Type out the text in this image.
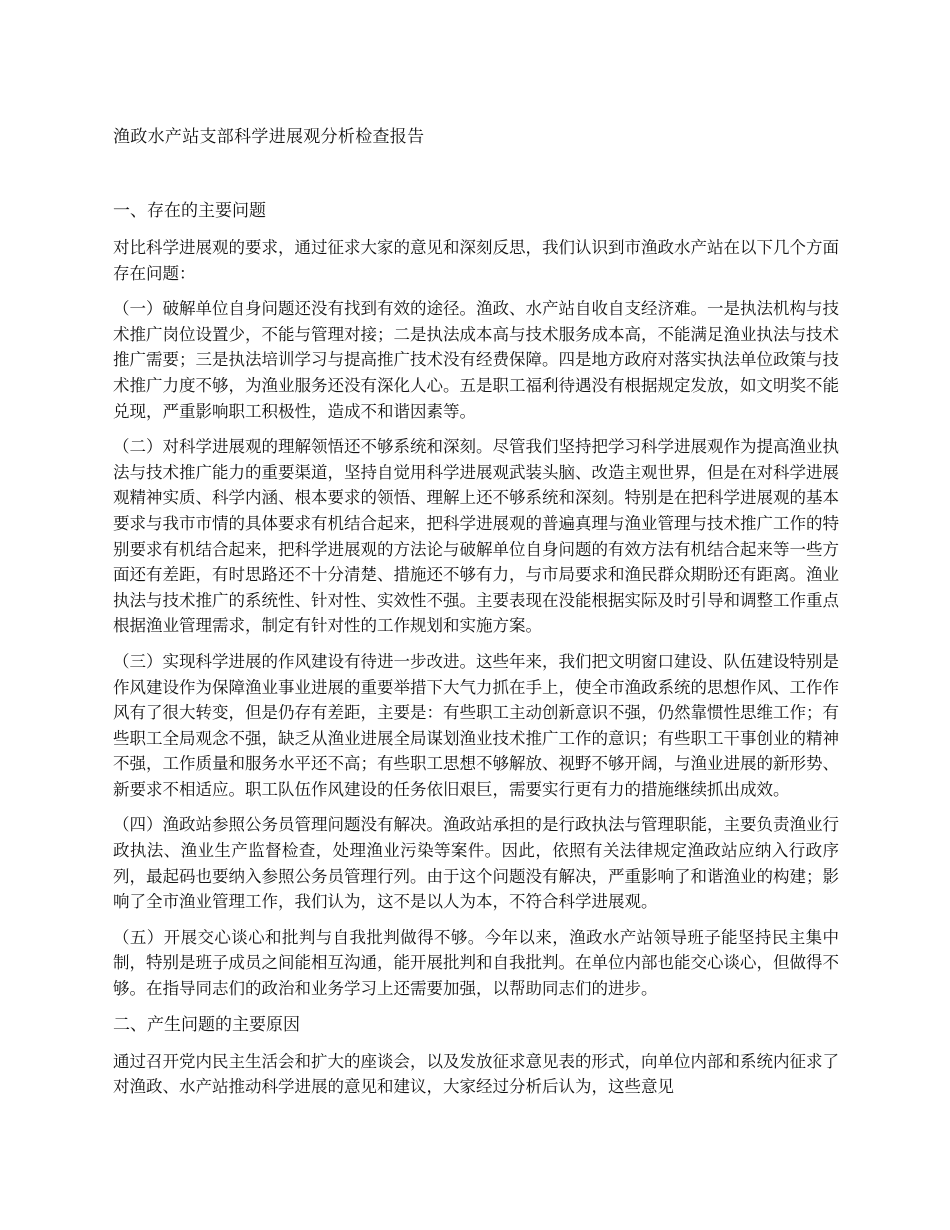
渔政水产站支部科学进展观分析检查报告
一、存在的主要问题

对比科学进展观的要求，通过征求大家的意见和深刻反思，我们认识到市渔政水产站在以下几个方面存在问题：

（一）破解单位自身问题还没有找到有效的途径。渔政、水产站自收自支经济难。一是执法机构与技术推广岗位设置少，不能与管理对接；二是执法成本高与技术服务成本高，不能满足渔业执法与技术推广需要；三是执法培训学习与提高推广技术没有经费保障。四是地方政府对落实执法单位政策与技术推广力度不够，为渔业服务还没有深化人心。五是职工福利待遇没有根据规定发放，如文明奖不能兑现，严重影响职工积极性，造成不和谐因素等。

（二）对科学进展观的理解领悟还不够系统和深刻。尽管我们坚持把学习科学进展观作为提高渔业执法与技术推广能力的重要渠道，坚持自觉用科学进展观武装头脑、改造主观世界，但是在对科学进展观精神实质、科学内涵、根本要求的领悟、理解上还不够系统和深刻。特别是在把科学进展观的基本要求与我市市情的具体要求有机结合起来，把科学进展观的普遍真理与渔业管理与技术推广工作的特别要求有机结合起来，把科学进展观的方法论与破解单位自身问题的有效方法有机结合起来等一些方面还有差距，有时思路还不十分清楚、措施还不够有力，与市局要求和渔民群众期盼还有距离。渔业执法与技术推广的系统性、针对性、实效性不强。主要表现在没能根据实际及时引导和调整工作重点根据渔业管理需求，制定有针对性的工作规划和实施方案。

（三）实现科学进展的作风建设有待进一步改进。这些年来，我们把文明窗口建设、队伍建设特别是作风建设作为保障渔业事业进展的重要举措下大气力抓在手上，使全市渔政系统的思想作风、工作作风有了很大转变，但是仍存有差距，主要是：有些职工主动创新意识不强，仍然靠惯性思维工作；有些职工全局观念不强，缺乏从渔业进展全局谋划渔业技术推广工作的意识；有些职工干事创业的精神不强，工作质量和服务水平还不高；有些职工思想不够解放、视野不够开阔，与渔业进展的新形势、新要求不相适应。职工队伍作风建设的任务依旧艰巨，需要实行更有力的措施继续抓出成效。

（四）渔政站参照公务员管理问题没有解决。渔政站承担的是行政执法与管理职能，主要负责渔业行政执法、渔业生产监督检查，处理渔业污染等案件。因此，依照有关法律规定渔政站应纳入行政序列，最起码也要纳入参照公务员管理行列。由于这个问题没有解决，严重影响了和谐渔业的构建；影响了全市渔业管理工作，我们认为，这不是以人为本，不符合科学进展观。

（五）开展交心谈心和批判与自我批判做得不够。今年以来，渔政水产站领导班子能坚持民主集中制，特别是班子成员之间能相互沟通，能开展批判和自我批判。在单位内部也能交心谈心，但做得不够。在指导同志们的政治和业务学习上还需要加强，以帮助同志们的进步。

二、产生问题的主要原因

通过召开党内民主生活会和扩大的座谈会，以及发放征求意见表的形式，向单位内部和系统内征求了对渔政、水产站推动科学进展的意见和建议，大家经过分析后认为，这些意见
